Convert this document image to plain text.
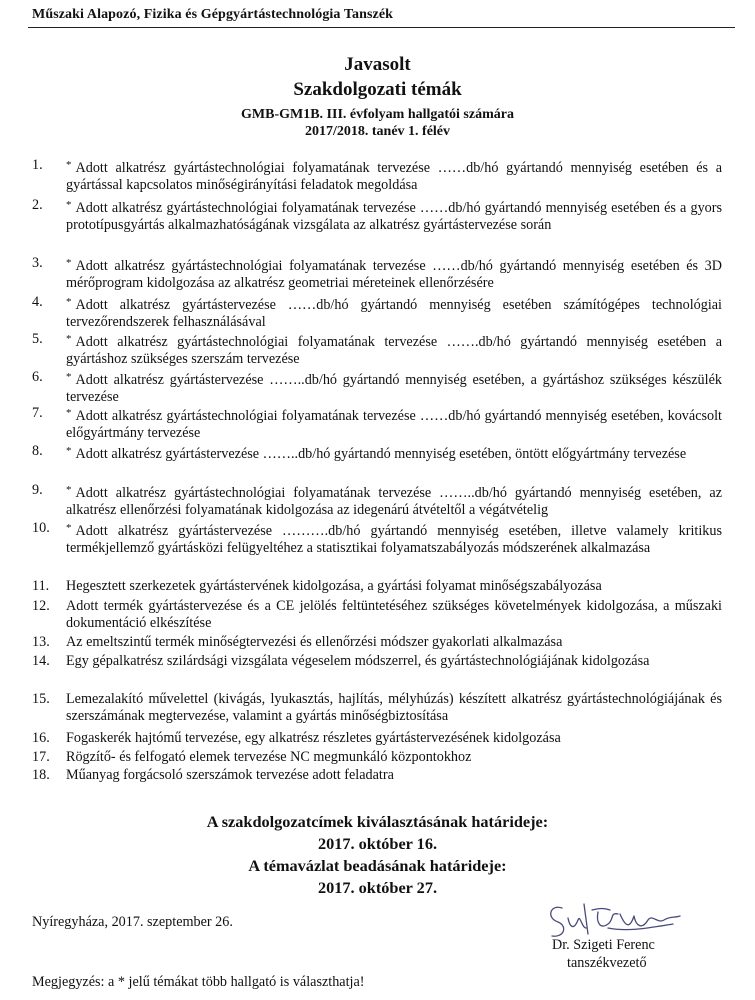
Műszaki Alapozó, Fizika és Gépgyártástechnológia Tanszék
Javasolt
Szakdolgozati témák
GMB-GM1B. III. évfolyam hallgatói számára
2017/2018. tanév 1. félév
1. * Adott alkatrész gyártástechnológiai folyamatának tervezése ……db/hó gyártandó mennyiség esetében és a gyártással kapcsolatos minőségirányítási feladatok megoldása
2. * Adott alkatrész gyártástechnológiai folyamatának tervezése ……db/hó gyártandó mennyiség esetében és a gyors prototípusgyártás alkalmazhatóságának vizsgálata az alkatrész gyártástervezése során
3. * Adott alkatrész gyártástechnológiai folyamatának tervezése ……db/hó gyártandó mennyiség esetében és 3D mérőprogram kidolgozása az alkatrész geometriai méreteinek ellenőrzésére
4. * Adott alkatrész gyártástervezése ……db/hó gyártandó mennyiség esetében számítógépes technológiai tervezőrendszerek felhasználásával
5. * Adott alkatrész gyártástechnológiai folyamatának tervezése …….db/hó gyártandó mennyiség esetében a gyártáshoz szükséges szerszám tervezése
6. * Adott alkatrész gyártástervezése ……..db/hó gyártandó mennyiség esetében, a gyártáshoz szükséges készülék tervezése
7. * Adott alkatrész gyártástechnológiai folyamatának tervezése ……db/hó gyártandó mennyiség esetében, kovácsolt előgyártmány tervezése
8. * Adott alkatrész gyártástervezése ……..db/hó gyártandó mennyiség esetében, öntött előgyártmány tervezése
9. * Adott alkatrész gyártástechnológiai folyamatának tervezése ……..db/hó gyártandó mennyiség esetében, az alkatrész ellenőrzési folyamatának kidolgozása az idegenárú átvételtől a végátvételig
10. * Adott alkatrész gyártástervezése ……….db/hó gyártandó mennyiség esetében, illetve valamely kritikus termékjellemző gyártásközi felügyeltéhez a statisztikai folyamatszabályozás módszerének alkalmazása
11. Hegesztett szerkezetek gyártástervének kidolgozása, a gyártási folyamat minőségszabályozása
12. Adott termék gyártástervezése és a CE jelölés feltüntetéséhez szükséges követelmények kidolgozása, a műszaki dokumentáció elkészítése
13. Az emeltszintű termék minőségtervezési és ellenőrzési módszer gyakorlati alkalmazása
14. Egy gépalkatrész szilárdsági vizsgálata végeselem módszerrel, és gyártástechnológiájának kidolgozása
15. Lemezalakító művelettel (kivágás, lyukasztás, hajlítás, mélyhúzás) készített alkatrész gyártástechnológiájának és szerszámának megtervezése, valamint a gyártás minőségbiztosítása
16. Fogaskerék hajtómű tervezése, egy alkatrész részletes gyártástervezésének kidolgozása
17. Rögzítő- és felfogató elemek tervezése NC megmunkáló központokhoz
18. Műanyag forgácsoló szerszámok tervezése adott feladatra
A szakdolgozatcímek kiválasztásának határideje:
2017. október 16.
A témavázlat beadásának határideje:
2017. október 27.
Nyíregyháza, 2017. szeptember 26.
Dr. Szigeti Ferenc
tanszékvezető
Megjegyzés: a * jelű témákat több hallgató is választhatja!
